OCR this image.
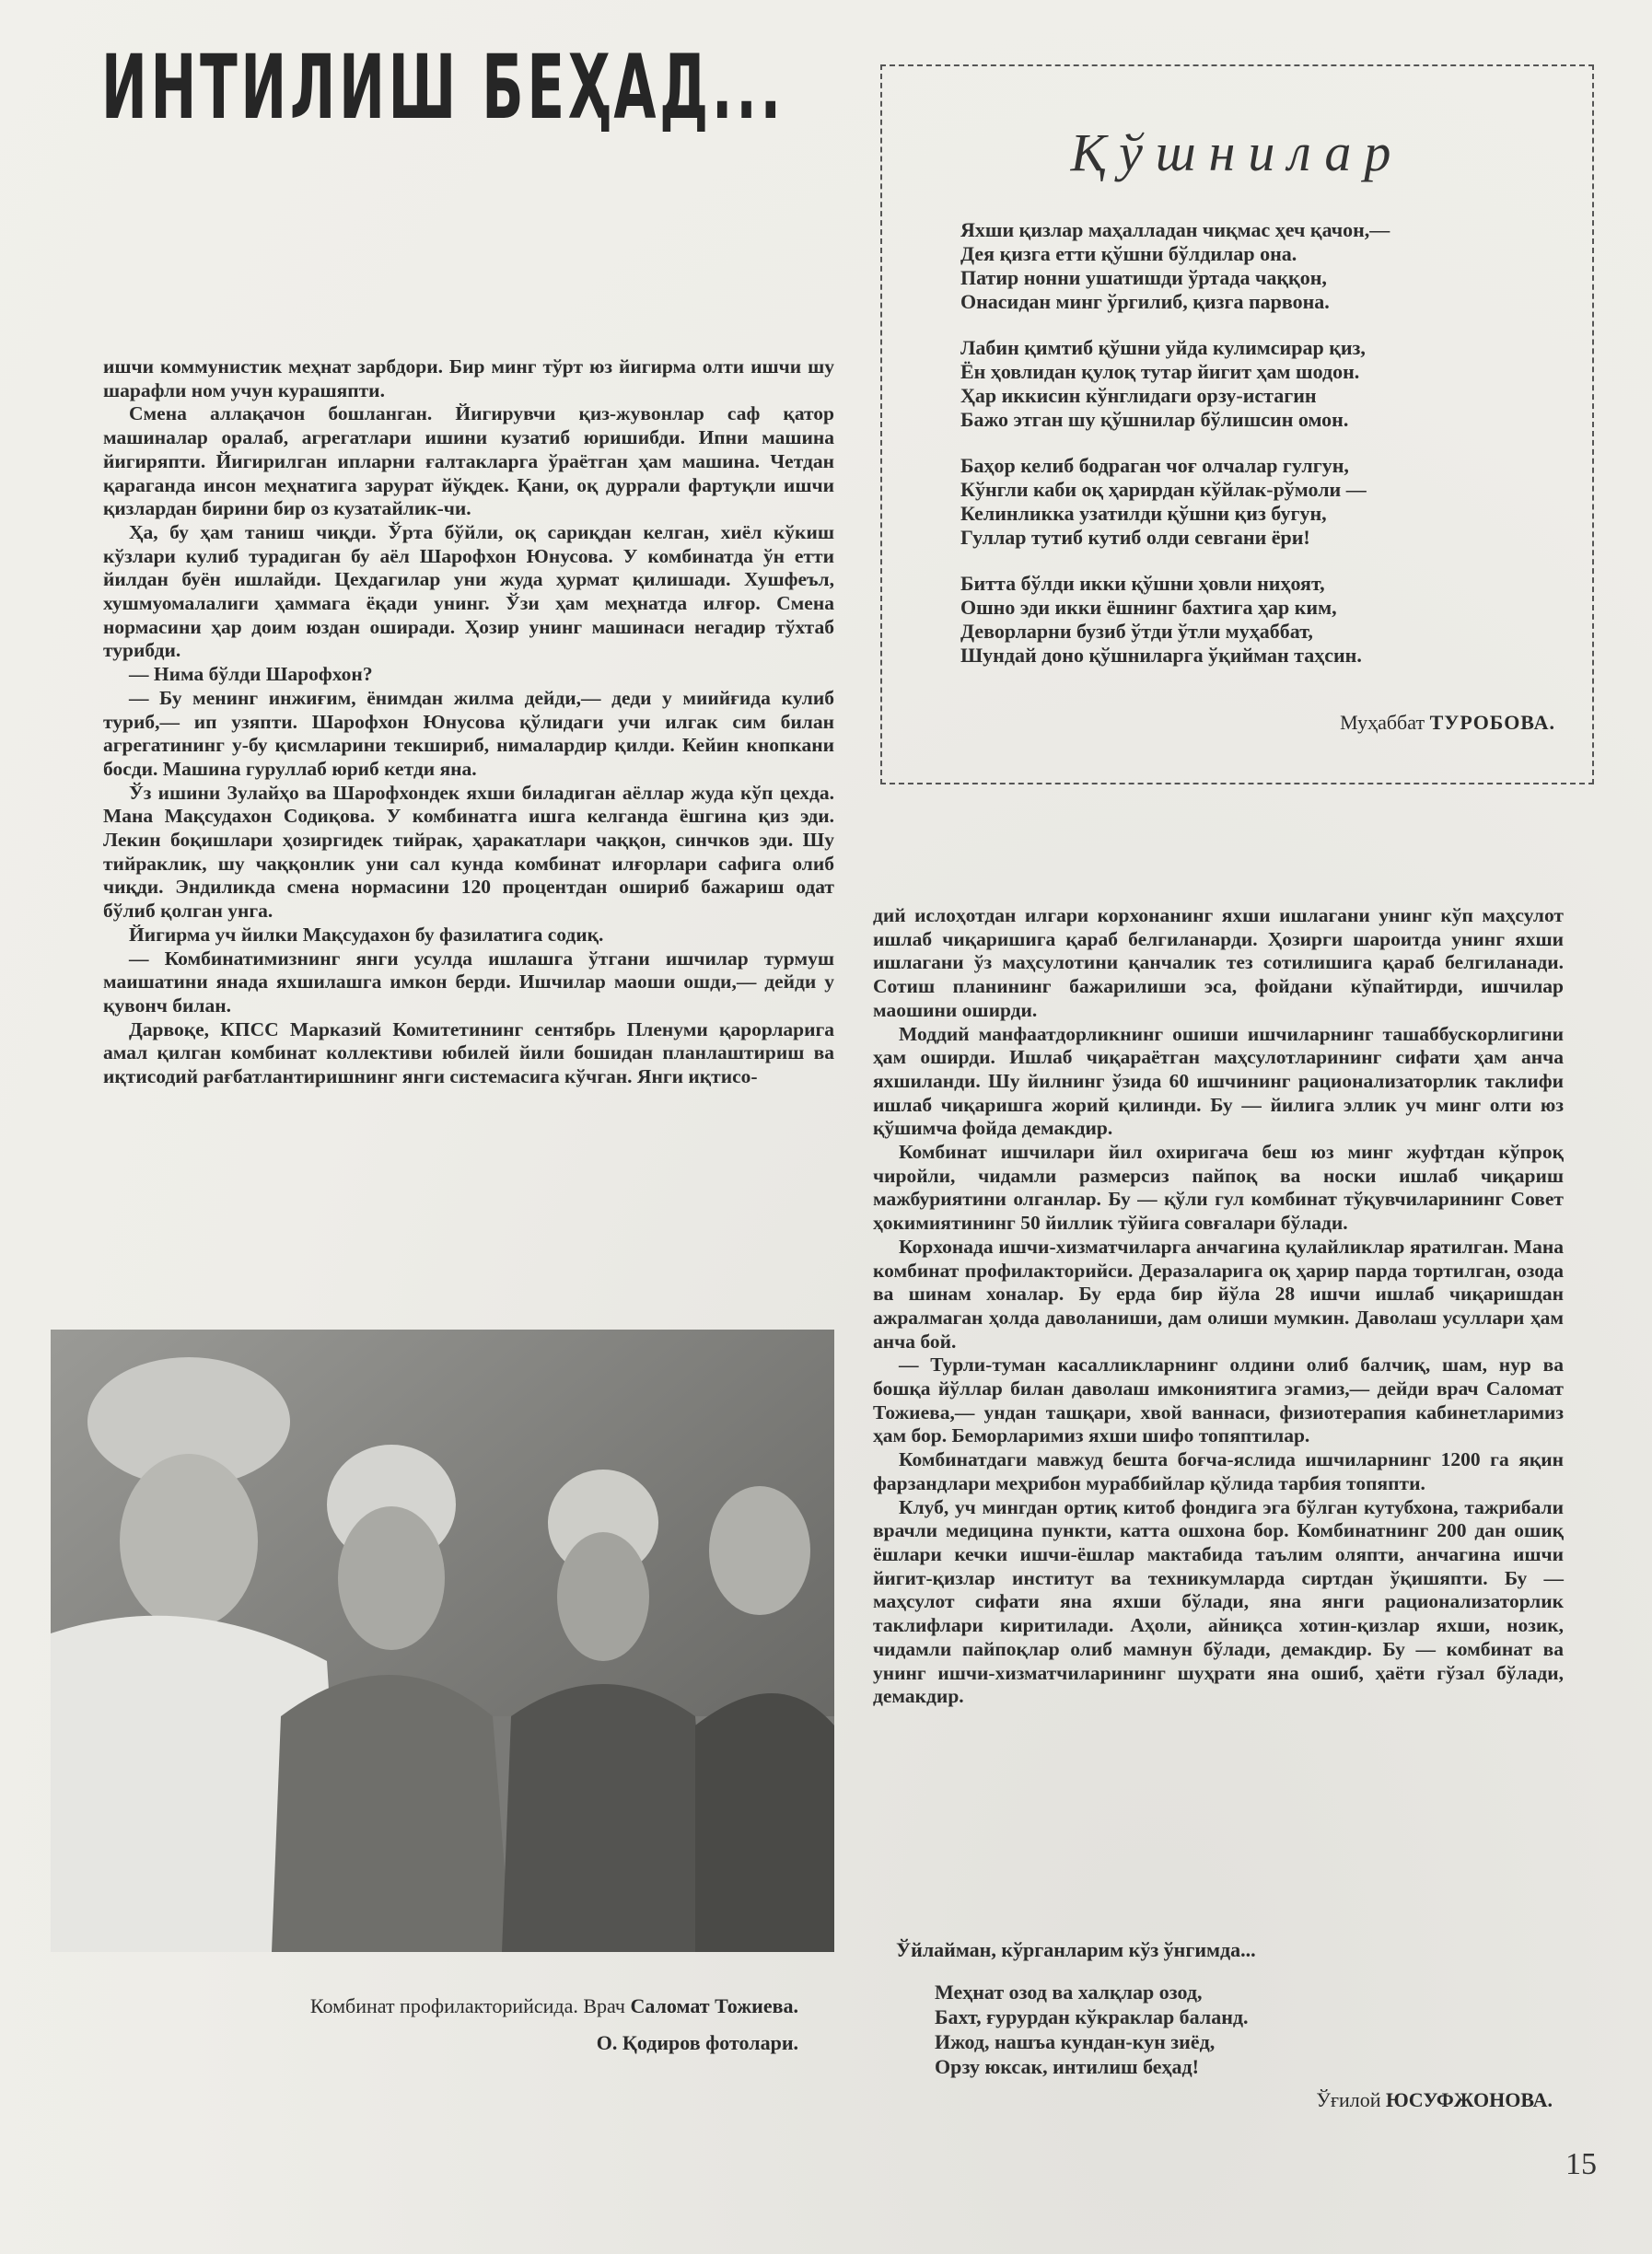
ИНТИЛИШ БЕҲАД...
Қўшнилар
Яхши қизлар маҳалладан чиқмас ҳеч қачон,—
Дея қизга етти қўшни бўлдилар она.
Патир нонни ушатишди ўртада чаққон,
Онасидан минг ўргилиб, қизга парвона.
Лабин қимтиб қўшни уйда кулимсирар қиз,
Ён ҳовлидан қулоқ тутар йигит ҳам шодон.
Ҳар иккисин кўнглидаги орзу-истагин
Бажо этган шу қўшнилар бўлишсин омон.
Баҳор келиб бодраган чоғ олчалар гулгун,
Кўнгли каби оқ ҳарирдан кўйлак-рўмоли —
Келинликка узатилди қўшни қиз бугун,
Гуллар тутиб кутиб олди севгани ёри!
Битта бўлди икки қўшни ҳовли ниҳоят,
Ошно эди икки ёшнинг бахтига ҳар ким,
Деворларни бузиб ўтди ўтли муҳаббат,
Шундай доно қўшниларга ўқийман таҳсин.
Муҳаббат ТУРОБОВА.

ишчи коммунистик меҳнат зарбдори. Бир минг тўрт юз йигирма олти ишчи шу шарафли ном учун курашяпти.

Смена аллақачон бошланган. Йигирувчи қиз-жувонлар саф қатор машиналар оралаб, агрегатлари ишини кузатиб юришибди. Ипни машина йигиряпти. Йигирилган ипларни ғалтакларга ўраётган ҳам машина. Четдан қараганда инсон меҳнатига зарурат йўқдек. Қани, оқ дуррали фартуқли ишчи қизлардан бирини бир оз кузатайлик-чи.

Ҳа, бу ҳам таниш чиқди. Ўрта бўйли, оқ сариқдан келган, хиёл кўкиш кўзлари кулиб турадиган бу аёл Шарофхон Юнусова. У комбинатда ўн етти йилдан буён ишлайди. Цехдагилар уни жуда ҳурмат қилишади. Хушфеъл, хушмуомалалиги ҳаммага ёқади унинг. Ўзи ҳам меҳнатда илғор. Смена нормасини ҳар доим юздан оширади. Ҳозир унинг машинаси негадир тўхтаб турибди.

— Нима бўлди Шарофхон?

— Бу менинг инжиғим, ёнимдан жилма дейди,— деди у миийғида кулиб туриб,— ип узяпти. Шарофхон Юнусова қўлидаги учи илгак сим билан агрегатининг у-бу қисмларини текшириб, нималардир қилди. Кейин кнопкани босди. Машина гуруллаб юриб кетди яна.

Ўз ишини Зулайҳо ва Шарофхондек яхши биладиган аёллар жуда кўп цехда. Мана Мақсудахон Содиқова. У комбинатга ишга келганда ёшгина қиз эди. Лекин боқишлари ҳозиргидек тийрак, ҳаракатлари чаққон, синчков эди. Шу тийраклик, шу чаққонлик уни сал кунда комбинат илғорлари сафига олиб чиқди. Эндиликда смена нормасини 120 процентдан ошириб бажариш одат бўлиб қолган унга.

Йигирма уч йилки Мақсудахон бу фазилатига содиқ.

— Комбинатимизнинг янги усулда ишлашга ўтгани ишчилар турмуш маишатини янада яхшилашга имкон берди. Ишчилар маоши ошди,— дейди у қувонч билан.

Дарвоқе, КПСС Марказий Комитетининг сентябрь Пленуми қарорларига амал қилган комбинат коллективи юбилей йили бошидан планлаштириш ва иқтисодий рағбатлантиришнинг янги системасига кўчган. Янги иқтисо-

Комбинат профилакторийсида. Врач Саломат Тожиева.
О. Қодиров фотолари.

дий ислоҳотдан илгари корхонанинг яхши ишлагани унинг кўп маҳсулот ишлаб чиқаришига қараб белгиланарди. Ҳозирги шароитда унинг яхши ишлагани ўз маҳсулотини қанчалик тез сотилишига қараб белгиланади. Сотиш планининг бажарилиши эса, фойдани кўпайтирди, ишчилар маошини оширди.

Моддий манфаатдорликнинг ошиши ишчиларнинг ташаббускорлигини ҳам оширди. Ишлаб чиқараётган маҳсулотларининг сифати ҳам анча яхшиланди. Шу йилнинг ўзида 60 ишчининг рационализаторлик таклифи ишлаб чиқаришга жорий қилинди. Бу — йилига эллик уч минг олти юз қўшимча фойда демакдир.

Комбинат ишчилари йил охиригача беш юз минг жуфтдан кўпроқ чиройли, чидамли размерсиз пайпоқ ва носки ишлаб чиқариш мажбуриятини олганлар. Бу — қўли гул комбинат тўқувчиларининг Совет ҳокимиятининг 50 йиллик тўйига совғалари бўлади.

Корхонада ишчи-хизматчиларга анчагина қулайликлар яратилган. Мана комбинат профилакторийси. Деразаларига оқ ҳарир парда тортилган, озода ва шинам хоналар. Бу ерда бир йўла 28 ишчи ишлаб чиқаришдан ажралмаган ҳолда даволаниши, дам олиши мумкин. Даволаш усуллари ҳам анча бой.

— Турли-туман касалликларнинг олдини олиб балчиқ, шам, нур ва бошқа йўллар билан даволаш имкониятига эгамиз,— дейди врач Саломат Тожиева,— ундан ташқари, хвой ваннаси, физиотерапия кабинетларимиз ҳам бор. Беморларимиз яхши шифо топяптилар.

Комбинатдаги мавжуд бешта боғча-яслида ишчиларнинг 1200 га яқин фарзандлари меҳрибон мураббийлар қўлида тарбия топяпти.

Клуб, уч мингдан ортиқ китоб фондига эга бўлган кутубхона, тажрибали врачли медицина пункти, катта ошхона бор. Комбинатнинг 200 дан ошиқ ёшлари кечки ишчи-ёшлар мактабида таълим оляпти, анчагина ишчи йигит-қизлар институт ва техникумларда сиртдан ўқишяпти. Бу — маҳсулот сифати яна яхши бўлади, яна янги рационализаторлик таклифлари киритилади. Аҳоли, айниқса хотин-қизлар яхши, нозик, чидамли пайпоқлар олиб мамнун бўлади, демакдир. Бу — комбинат ва унинг ишчи-хизматчиларининг шуҳрати яна ошиб, ҳаёти гўзал бўлади, демакдир.

Ўйлайман, кўрганларим кўз ўнгимда...
Меҳнат озод ва халқлар озод,
Бахт, ғурурдан кўкраклар баланд.
Ижод, нашъа кундан-кун зиёд,
Орзу юксак, интилиш беҳад!
Ўғилой ЮСУФЖОНОВА.
15
